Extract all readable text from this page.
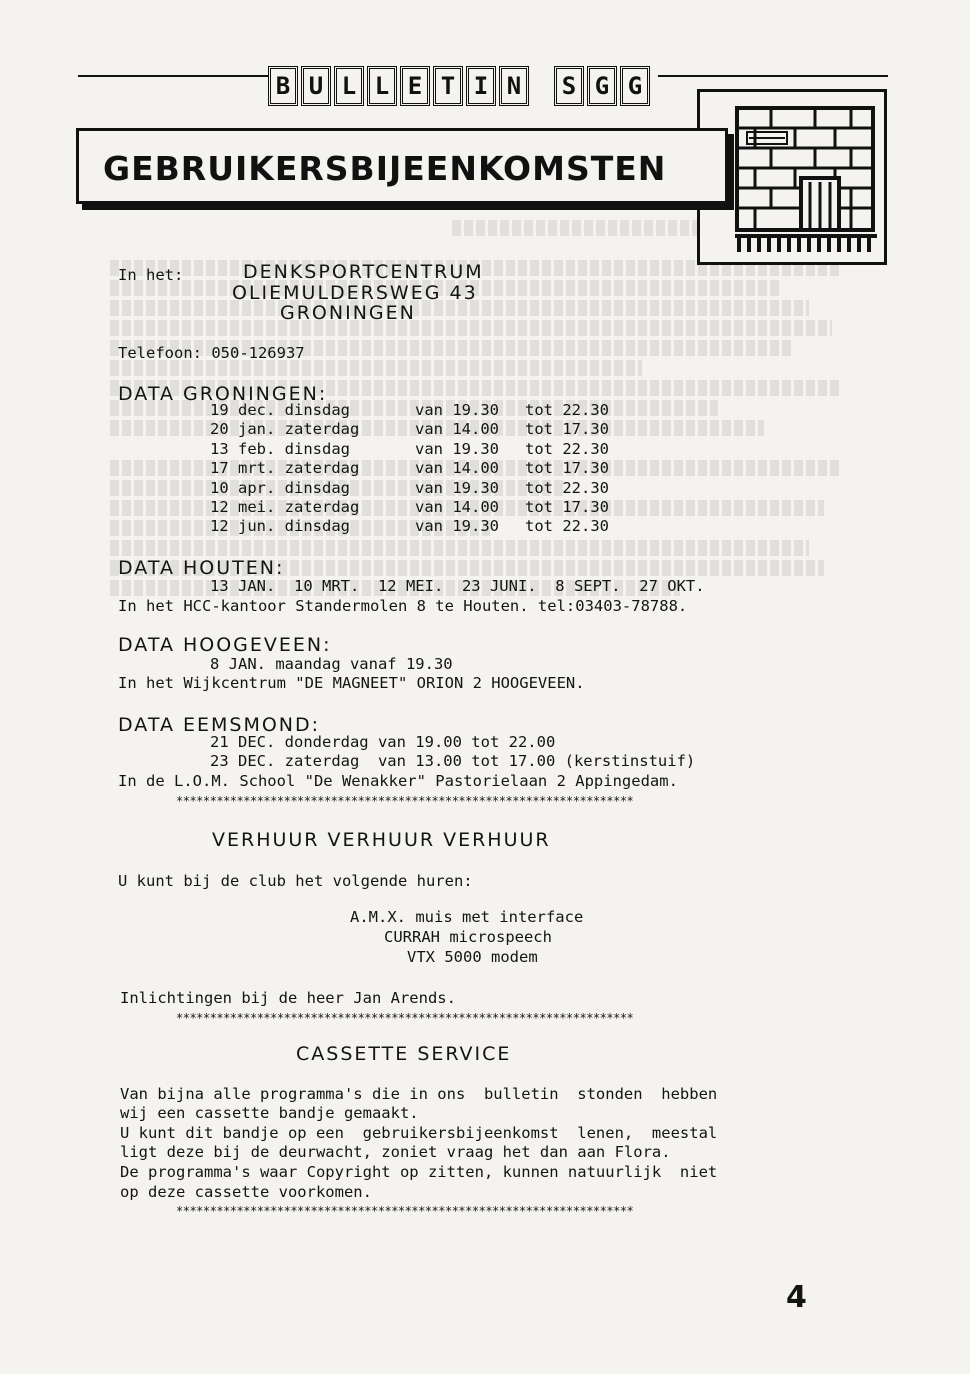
B U L L E T I N	S G G
GEBRUIKERSBIJEENKOMSTEN
In het:	DENKSPORTCENTRUM
OLIEMULDERSWEG 43
GRONINGEN
Telefoon: 050-126937
DATA GRONINGEN:
19 dec. dinsdag	van 19.30	tot 22.30
20 jan. zaterdag	van 14.00	tot 17.30
13 feb. dinsdag	van 19.30	tot 22.30
17 mrt. zaterdag	van 14.00	tot 17.30
10 apr. dinsdag	van 19.30	tot 22.30
12 mei. zaterdag	van 14.00	tot 17.30
12 jun. dinsdag	van 19.30	tot 22.30
DATA HOUTEN:
13 JAN.  10 MRT.  12 MEI.  23 JUNI.  8 SEPT.  27 OKT.
In het HCC-kantoor Standermolen 8 te Houten. tel:03403-78788.
DATA HOOGEVEEN:
8 JAN. maandag vanaf 19.30
In het Wijkcentrum "DE MAGNEET" ORION 2 HOOGEVEEN.
DATA EEMSMOND:
21 DEC. donderdag van 19.00 tot 22.00
23 DEC. zaterdag  van 13.00 tot 17.00 (kerstinstuif)
In de L.O.M. School "De Wenakker" Pastorielaan 2 Appingedam.
********************************************************************
VERHUUR VERHUUR VERHUUR
U kunt bij de club het volgende huren:
A.M.X. muis met interface
CURRAH microspeech
VTX 5000 modem
Inlichtingen bij de heer Jan Arends.
********************************************************************
CASSETTE SERVICE
Van bijna alle programma's die in ons  bulletin  stonden  hebben
wij een cassette bandje gemaakt.
U kunt dit bandje op een  gebruikersbijeenkomst  lenen,  meestal
ligt deze bij de deurwacht, zoniet vraag het dan aan Flora.
De programma's waar Copyright op zitten, kunnen natuurlijk  niet
op deze cassette voorkomen.
********************************************************************
4
